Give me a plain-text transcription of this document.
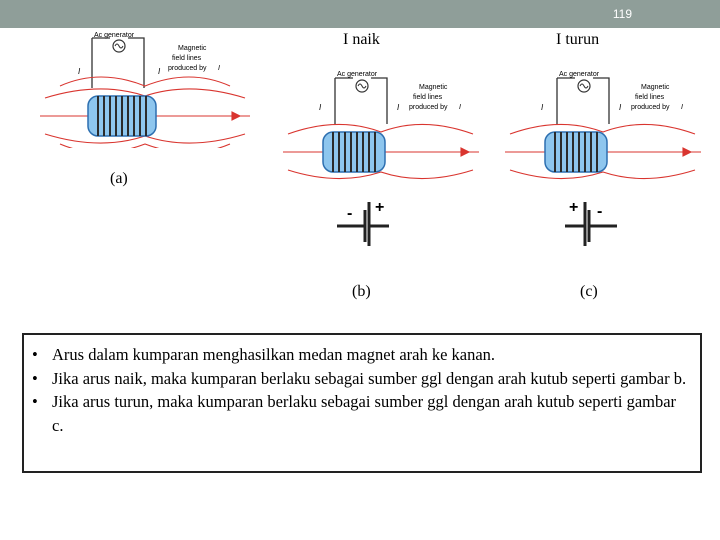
119
I naik	I turun
Ac generator
Magnetic
field lines
produced by I
I	I
(a)
Ac generator
Magnetic
field lines
produced by I
I	I
- +
(b)
Ac generator
Magnetic
field lines
produced by I
I	I
+ -
(c)
• Arus dalam kumparan menghasilkan medan magnet arah ke kanan.
• Jika arus naik, maka kumparan berlaku sebagai sumber ggl dengan arah kutub seperti gambar b.
• Jika arus turun, maka kumparan berlaku sebagai sumber ggl dengan arah kutub seperti gambar c.
